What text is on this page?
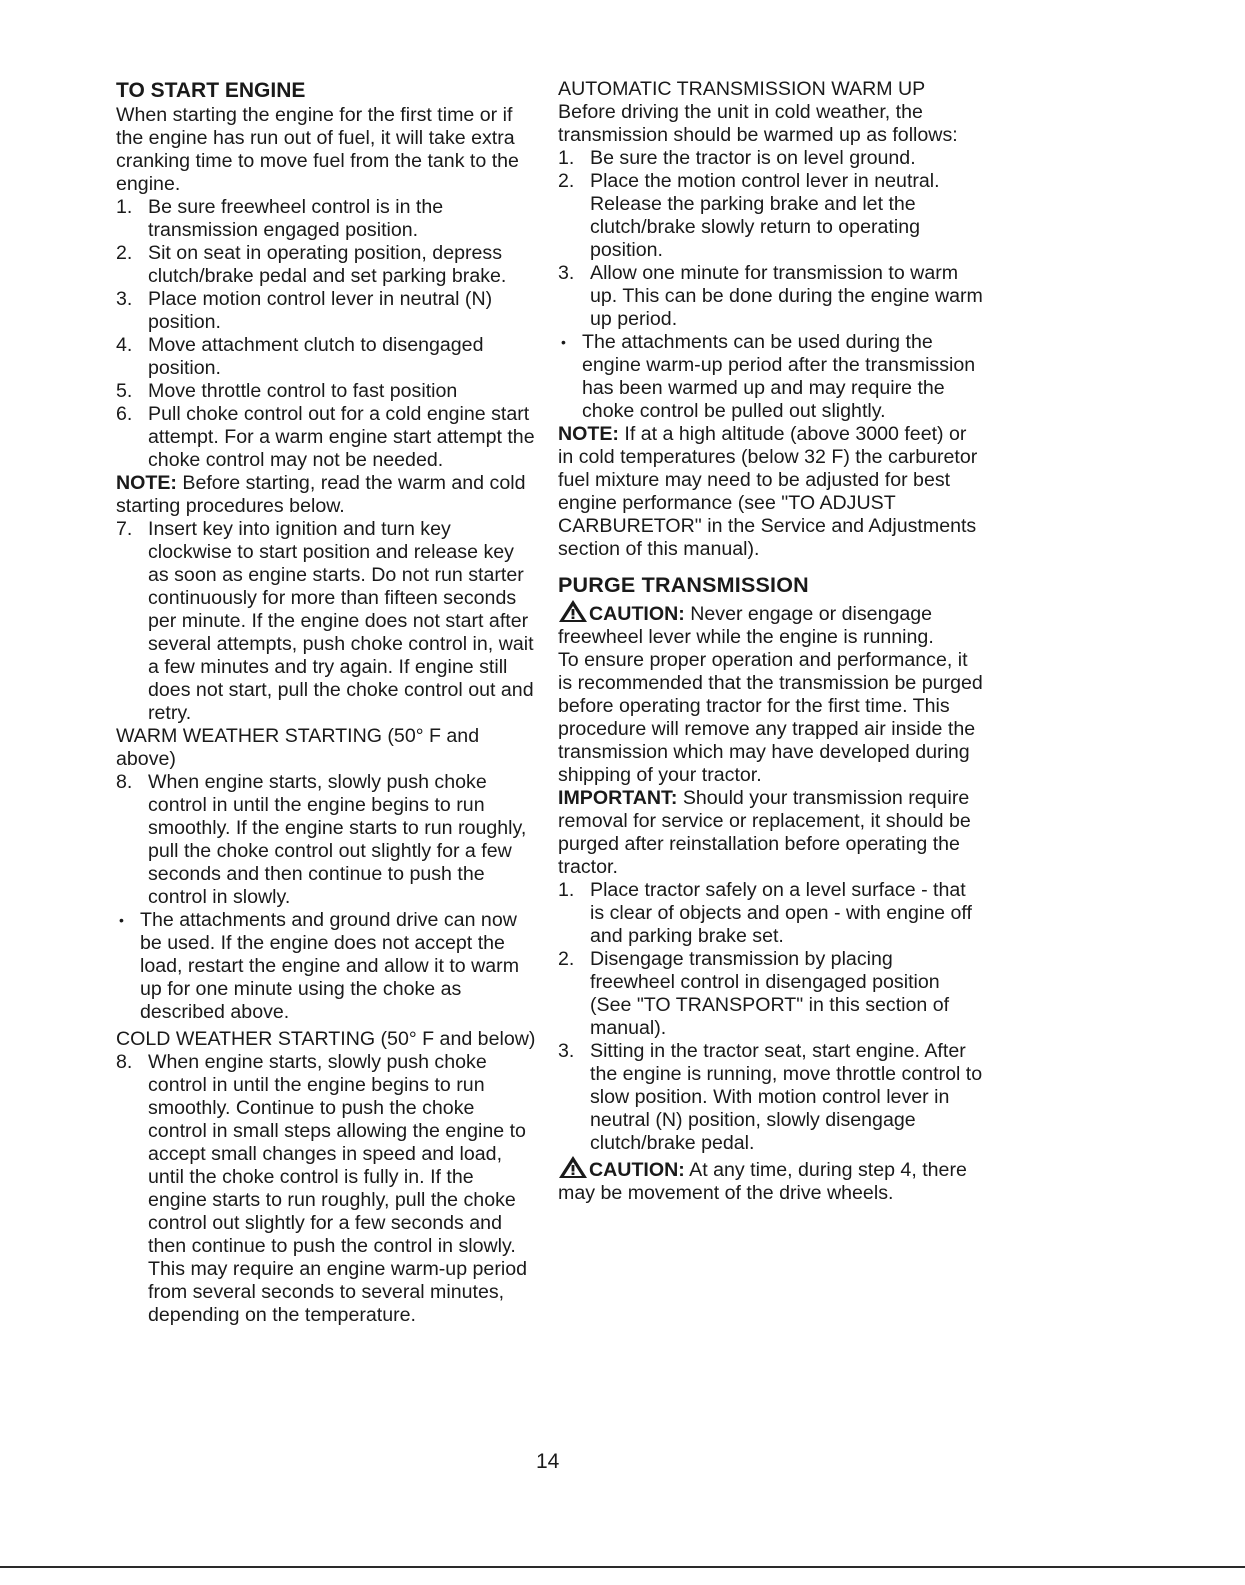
TO START ENGINE

When starting the engine for the first time or if the engine has run out of fuel, it will take extra cranking time to move fuel from the tank to the engine.

1. Be sure freewheel control is in the transmission engaged position.
2. Sit on seat in operating position, depress clutch/brake pedal and set parking brake.
3. Place motion control lever in neutral (N) position.
4. Move attachment clutch to disengaged position.
5. Move throttle control to fast position
6. Pull choke control out for a cold engine start attempt. For a warm engine start attempt the choke control may not be needed.

NOTE: Before starting, read the warm and cold starting procedures below.

7. Insert key into ignition and turn key clockwise to start position and release key as soon as engine starts. Do not run starter continuously for more than fifteen seconds per minute. If the engine does not start after several attempts, push choke control in, wait a few minutes and try again. If engine still does not start, pull the choke control out and retry.

WARM WEATHER STARTING (50° F and above)

8. When engine starts, slowly push choke control in until the engine begins to run smoothly. If the engine starts to run roughly, pull the choke control out slightly for a few seconds and then continue to push the control in slowly.
• The attachments and ground drive can now be used. If the engine does not accept the load, restart the engine and allow it to warm up for one minute using the choke as described above.

COLD WEATHER STARTING (50° F and below)

8. When engine starts, slowly push choke control in until the engine begins to run smoothly. Continue to push the choke control in small steps allowing the engine to accept small changes in speed and load, until the choke control is fully in. If the engine starts to run roughly, pull the choke control out slightly for a few seconds and then continue to push the control in slowly. This may require an engine warm-up period from several seconds to several minutes, depending on the temperature.

AUTOMATIC TRANSMISSION WARM UP

Before driving the unit in cold weather, the transmission should be warmed up as follows:

1. Be sure the tractor is on level ground.
2. Place the motion control lever in neutral. Release the parking brake and let the clutch/brake slowly return to operating position.
3. Allow one minute for transmission to warm up. This can be done during the engine warm up period.
• The attachments can be used during the engine warm-up period after the transmission has been warmed up and may require the choke control be pulled out slightly.

NOTE: If at a high altitude (above 3000 feet) or in cold temperatures (below 32 F) the carburetor fuel mixture may need to be adjusted for best engine performance (see "TO ADJUST CARBURETOR" in the Service and Adjustments section of this manual).

PURGE TRANSMISSION

CAUTION: Never engage or disengage freewheel lever while the engine is running.

To ensure proper operation and performance, it is recommended that the transmission be purged before operating tractor for the first time. This procedure will remove any trapped air inside the transmission which may have developed during shipping of your tractor.

IMPORTANT: Should your transmission require removal for service or replacement, it should be purged after reinstallation before operating the tractor.

1. Place tractor safely on a level surface - that is clear of objects and open - with engine off and parking brake set.
2. Disengage transmission by placing freewheel control in disengaged position (See "TO TRANSPORT" in this section of manual).
3. Sitting in the tractor seat, start engine. After the engine is running, move throttle control to slow position. With motion control lever in neutral (N) position, slowly disengage clutch/brake pedal.

CAUTION: At any time, during step 4, there may be movement of the drive wheels.

14
